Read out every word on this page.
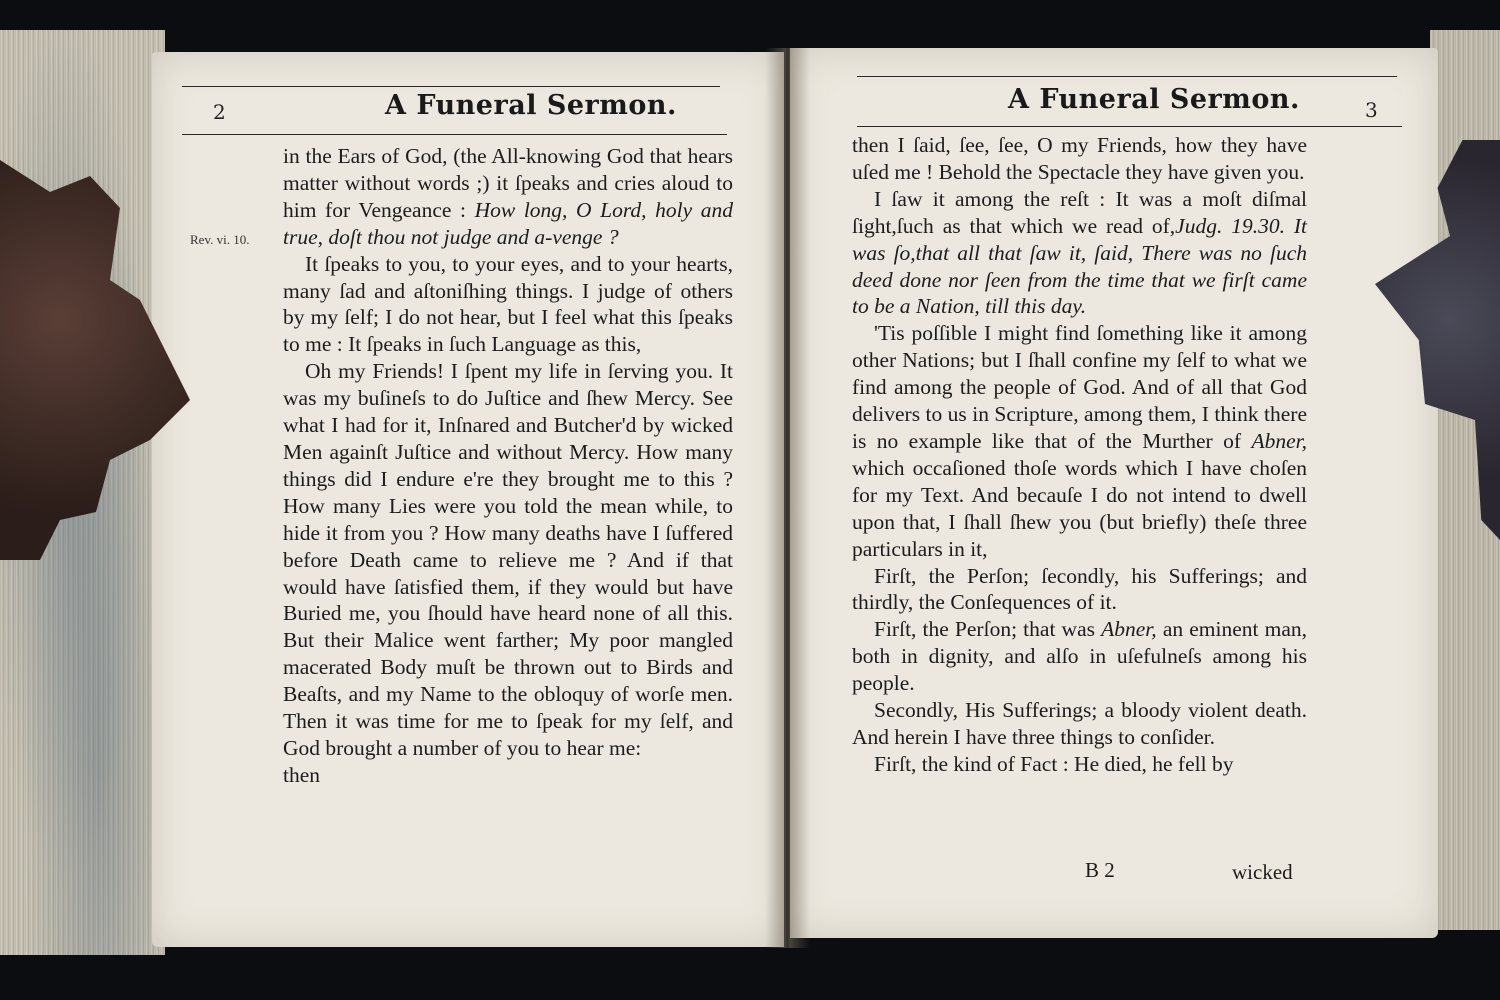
2	A Funeral Sermon.
Rev. vi. 10.

in the Ears of God, (the All-knowing God that hears matter without words ;) it ſpeaks and cries aloud to him for Vengeance : How long, O Lord, holy and true, doſt thou not judge and a-venge ?

It ſpeaks to you, to your eyes, and to your hearts, many ſad and aſtoniſhing things. I judge of others by my ſelf; I do not hear, but I feel what this ſpeaks to me : It ſpeaks in ſuch Language as this,

Oh my Friends! I ſpent my life in ſerving you. It was my buſineſs to do Juſtice and ſhew Mercy. See what I had for it, Inſnared and Butcher'd by wicked Men againſt Juſtice and without Mercy. How many things did I endure e're they brought me to this ? How many Lies were you told the mean while, to hide it from you ? How many deaths have I ſuffered before Death came to relieve me ? And if that would have ſatisfied them, if they would but have Buried me, you ſhould have heard none of all this. But their Malice went farther; My poor mangled macerated Body muſt be thrown out to Birds and Beaſts, and my Name to the obloquy of worſe men. Then it was time for me to ſpeak for my ſelf, and God brought a number of you to hear me:

then

A Funeral Sermon.	3

then I ſaid, ſee, ſee, O my Friends, how they have uſed me ! Behold the Spectacle they have given you.

I ſaw it among the reſt : It was a moſt diſmal ſight,ſuch as that which we read of,Judg. 19.30. It was ſo,that all that ſaw it, ſaid, There was no ſuch deed done nor ſeen from the time that we firſt came to be a Nation, till this day.

'Tis poſſible I might find ſomething like it among other Nations; but I ſhall confine my ſelf to what we find among the people of God. And of all that God delivers to us in Scripture, among them, I think there is no example like that of the Murther of Abner, which occaſioned thoſe words which I have choſen for my Text. And becauſe I do not intend to dwell upon that, I ſhall ſhew you (but briefly) theſe three particulars in it,

Firſt, the Perſon; ſecondly, his Sufferings; and thirdly, the Conſequences of it.

Firſt, the Perſon; that was Abner, an eminent man, both in dignity, and alſo in uſefulneſs among his people.

Secondly, His Sufferings; a bloody violent death. And herein I have three things to conſider.

Firſt, the kind of Fact : He died, he fell by

B 2	wicked
